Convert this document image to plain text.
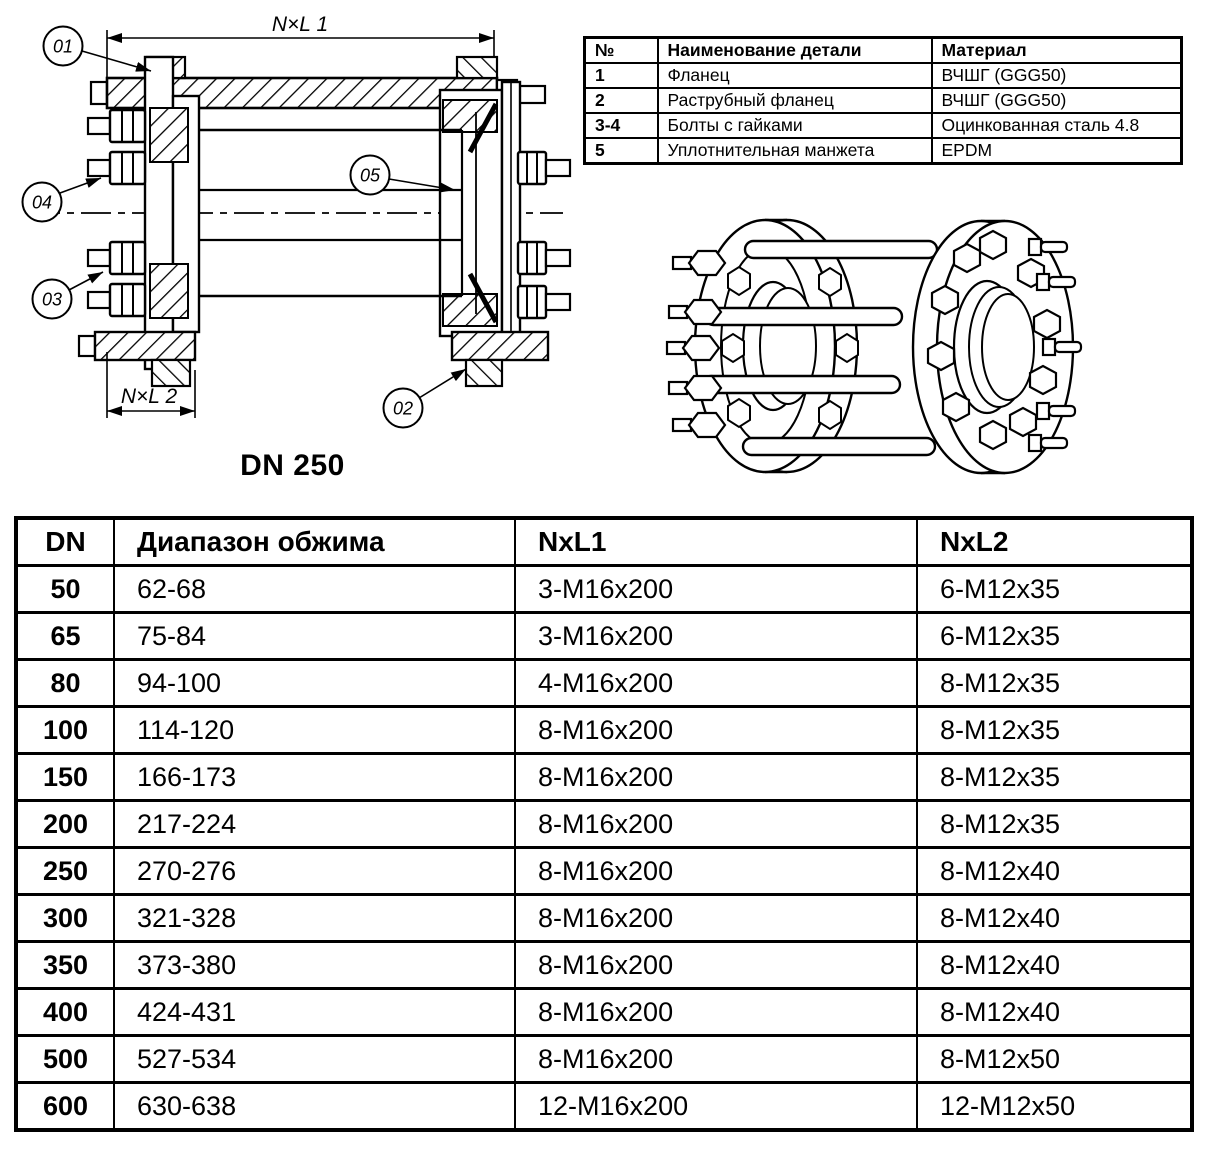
N×L 1
N×L 2
01
04
03
05
02
DN 250
№	Наименование детали	Материал
1	Фланец	ВЧШГ (GGG50)
2	Раструбный фланец	ВЧШГ (GGG50)
3-4	Болты с гайками	Оцинкованная сталь 4.8
5	Уплотнительная манжета	EPDM
DN	Диапазон обжима	NxL1	NxL2
50	62-68	3-M16x200	6-M12x35
65	75-84	3-M16x200	6-M12x35
80	94-100	4-M16x200	8-M12x35
100	114-120	8-M16x200	8-M12x35
150	166-173	8-M16x200	8-M12x35
200	217-224	8-M16x200	8-M12x35
250	270-276	8-M16x200	8-M12x40
300	321-328	8-M16x200	8-M12x40
350	373-380	8-M16x200	8-M12x40
400	424-431	8-M16x200	8-M12x40
500	527-534	8-M16x200	8-M12x50
600	630-638	12-M16x200	12-M12x50
